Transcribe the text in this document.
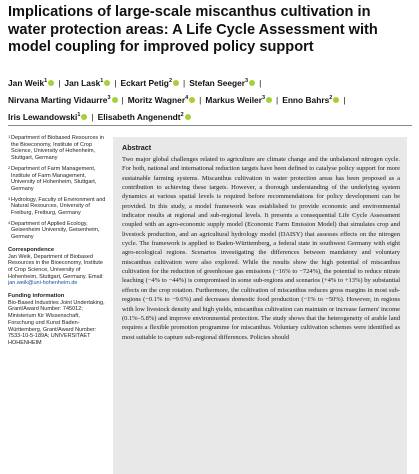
Implications of large-scale miscanthus cultivation in water protection areas: A Life Cycle Assessment with model coupling for improved policy support
Jan Weik$^1$ | Jan Lask$^1$ | Eckart Petig$^2$ | Stefan Seeger$^3$ |
Nirvana Marting Vidaurre$^3$ | Moritz Wagner$^4$ | Markus Weiler$^3$ | Enno Bahrs$^2$ |
Iris Lewandowski$^1$ | Elisabeth Angenendt$^2$
1 Department of Biobased Resources in the Bioeconomy, Institute of Crop Science, University of Hohenheim, Stuttgart, Germany
2 Department of Farm Management, Institute of Farm Management, University of Hohenheim, Stuttgart, Germany
3 Hydrology, Faculty of Environment and Natural Resources, University of Freiburg, Freiburg, Germany
4 Department of Applied Ecology, Geisenheim University, Geisenheim, Germany
Correspondence

Jan Weik, Department of Biobased Resources in the Bioeconomy, Institute of Crop Science, University of Hohenheim, Stuttgart, Germany. Email: jan.weik@uni-hohenheim.de

Funding information

Bio-Based Industries Joint Undertaking, Grant/Award Number: 745012; Ministerium für Wissenschaft, Forschung und Kunst Baden-Württemberg, Grant/Award Number: 7533-10-5-189A; UNIVERSITAET HOHENHEIM

Abstract

Two major global challenges related to agriculture are climate change and the unbalanced nitrogen cycle. For both, national and international reduction targets have been defined to catalyse policy support for more sustainable farming systems. Miscanthus cultivation in water protection areas has been proposed as a contribution to achieving these targets. However, a thorough understanding of the underlying system dynamics at various spatial levels is required before recommendations for policy development can be provided. In this study, a model framework was established to provide economic and environmental indicator results at regional and sub-regional levels. It presents a consequential Life Cycle Assessment coupled with an agro-economic supply model (Economic Farm Emission Model) that simulates crop and livestock production, and an agricultural hydrology model (DAISY) that assesses effects on the nitrogen cycle. The framework is applied to Baden-Württemberg, a federal state in southwest Germany with eight agro-ecological regions. Scenarios investigating the differences between mandatory and voluntary miscanthus cultivation were also explored. While the results show the high potential of miscanthus cultivation for the reduction of greenhouse gas emissions (−16% to −724%), the potential to reduce nitrate leaching (−4% to −44%) is compromised in some sub-regions and scenarios (+4% to +13%) by substantial effects on the crop rotation. Furthermore, the cultivation of miscanthus reduces gross margins in most sub-regions (−0.1% to −9.6%) and decreases domestic food production (−1% to −50%). However, in regions with low livestock density and high yields, miscanthus cultivation can maintain or increase farmers' income (0.1%–5.8%) and improve environmental protection. The study shows that the heterogeneity of arable land requires a flexible promotion programme for miscanthus. Voluntary cultivation schemes were identified as most suitable to capture sub-regional differences. Policies should
